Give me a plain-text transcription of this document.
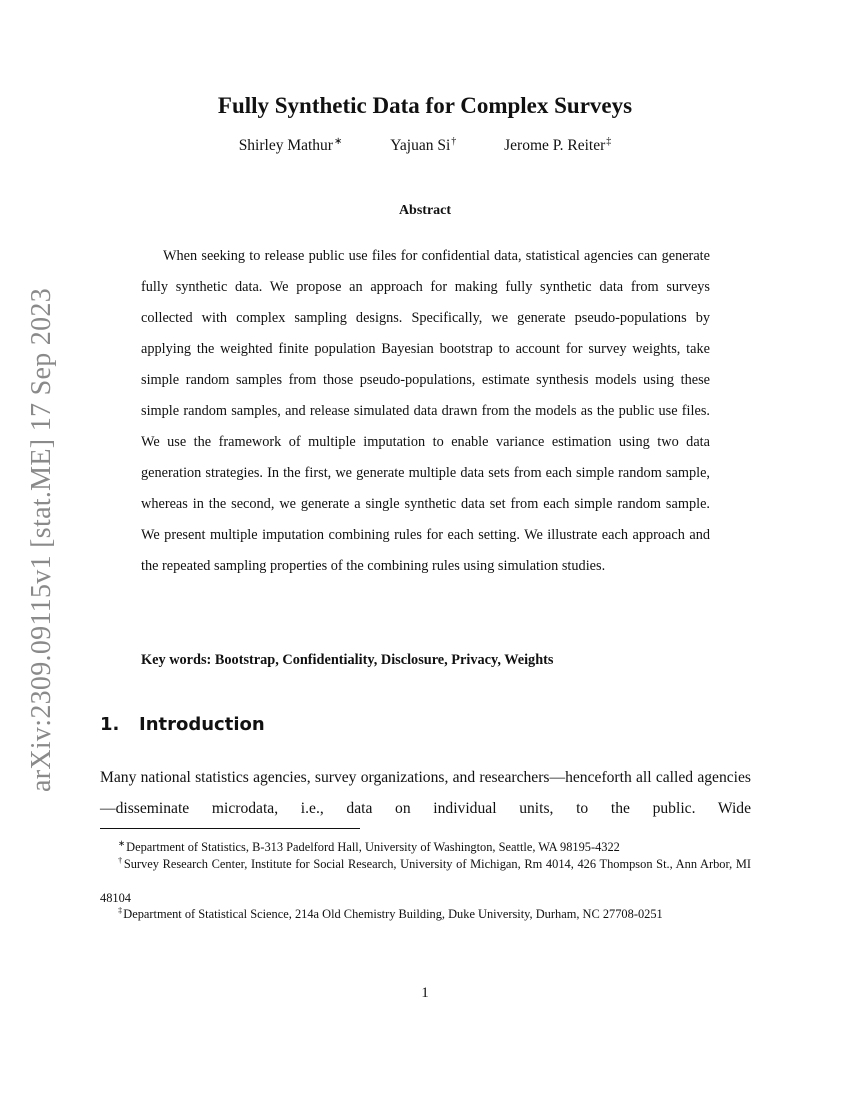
arXiv:2309.09115v1 [stat.ME] 17 Sep 2023
Fully Synthetic Data for Complex Surveys
Shirley Mathur∗	Yajuan Si†	Jerome P. Reiter‡
Abstract

When seeking to release public use files for confidential data, statistical agencies can generate fully synthetic data. We propose an approach for making fully synthetic data from surveys collected with complex sampling designs. Specifically, we generate pseudo-populations by applying the weighted finite population Bayesian bootstrap to account for survey weights, take simple random samples from those pseudo-populations, estimate synthesis models using these simple random samples, and release simulated data drawn from the models as the public use files. We use the framework of multiple imputation to enable variance estimation using two data generation strategies. In the first, we generate multiple data sets from each simple random sample, whereas in the second, we generate a single synthetic data set from each simple random sample. We present multiple imputation combining rules for each setting. We illustrate each approach and the repeated sampling properties of the combining rules using simulation studies.

Key words: Bootstrap, Confidentiality, Disclosure, Privacy, Weights
1. Introduction

Many national statistics agencies, survey organizations, and researchers—henceforth all called agencies—disseminate microdata, i.e., data on individual units, to the public. Wide

∗Department of Statistics, B-313 Padelford Hall, University of Washington, Seattle, WA 98195-4322

†Survey Research Center, Institute for Social Research, University of Michigan, Rm 4014, 426 Thompson St., Ann Arbor, MI 48104

‡Department of Statistical Science, 214a Old Chemistry Building, Duke University, Durham, NC 27708-0251

1
